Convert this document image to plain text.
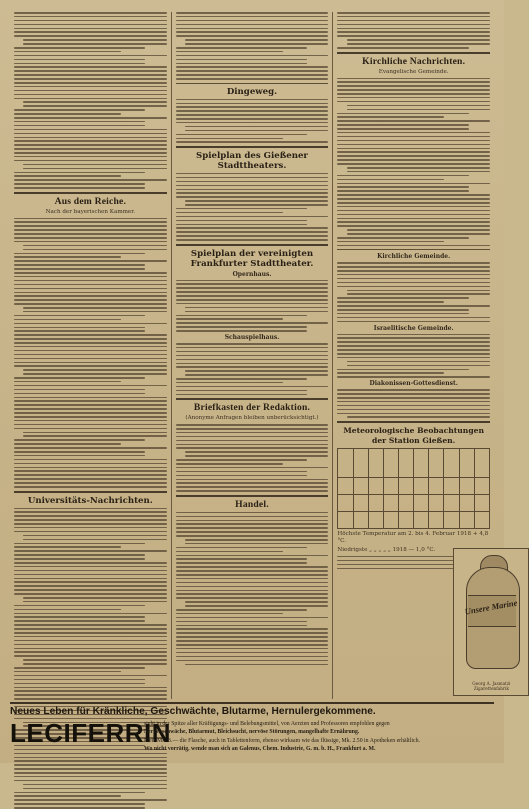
Aus dem Reiche.
Nach der bayerischen Kammer.
Universitäts-Nachrichten.
Dingeweg.
Spielplan des Gießener Stadttheaters.
Spielplan der vereinigten Frankfurter Stadttheater.
Opernhaus.
Schauspielhaus.
Briefkasten der Redaktion.
(Anonyme Anfragen bleiben unberücksichtigt.)
Handel.
Kirchliche Nachrichten.
Evangelische Gemeinde.
Kirchliche Gemeinde.
Israelitische Gemeinde.
Diakonissen-Gottesdienst.
Meteorologische Beobachtungen der Station Gießen.

Höchste Temperatur am 2. bis 4. Februar 1918 + 4,8 °C.
Niedrigste „ „ „ „ „ 1918 — 1,0 °C.
Unsere Marine
Georg A. Jasmatzi Zigarettenfabrik
LECIFERRIN
steht in der Spitze aller Kräftigungs- und Belebungsmittel, von Aerzten und Professoren empfohlen gegen
Nervenschwäche, Blutarmut, Bleichsucht, nervöse Störungen, mangelhafte Ernährung.
Preis Mk. 3.— die Flasche, auch in Tablettenform, ebenso wirksam wie das flüssige, Mk. 2.50 in Apotheken erhältlich.
Wo nicht vorrätig, wende man sich an Galenus, Chem. Industrie, G. m. b. H., Frankfurt a. M.
Neues Leben für Kränkliche, Geschwächte, Blutarme, Hernulergekommene.
